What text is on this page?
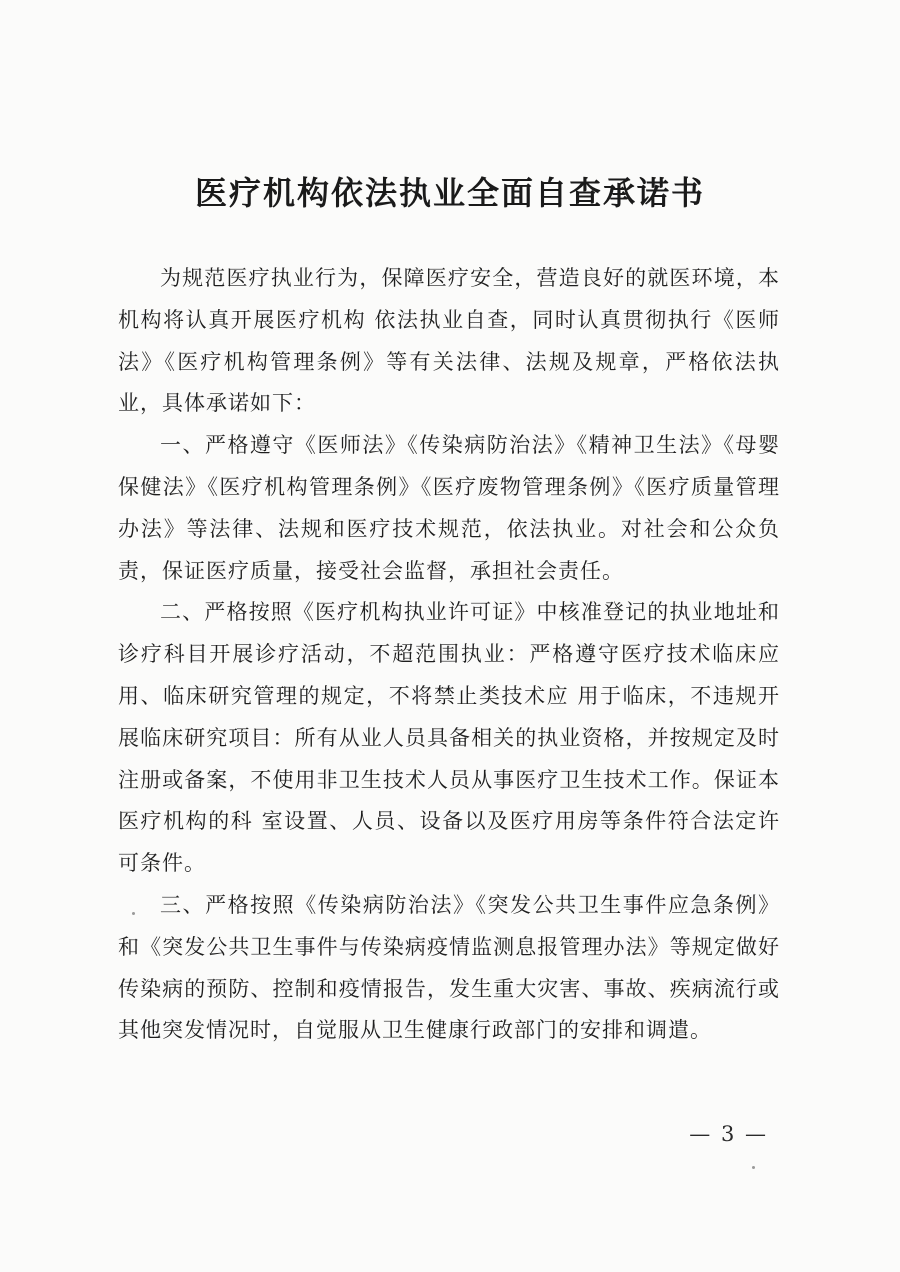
医疗机构依法执业全面自查承诺书

为规范医疗执业行为，保障医疗安全，营造良好的就医环境，本机构将认真开展医疗机构 依法执业自查，同时认真贯彻执行《医师法》《医疗机构管理条例》等有关法律、法规及规章，严格依法执业，具体承诺如下：

一、严格遵守《医师法》《传染病防治法》《精神卫生法》《母婴保健法》《医疗机构管理条例》《医疗废物管理条例》《医疗质量管理办法》等法律、法规和医疗技术规范，依法执业。对社会和公众负责，保证医疗质量，接受社会监督，承担社会责任。

二、严格按照《医疗机构执业许可证》中核准登记的执业地址和诊疗科目开展诊疗活动，不超范围执业：严格遵守医疗技术临床应用、临床研究管理的规定，不将禁止类技术应 用于临床，不违规开展临床研究项目：所有从业人员具备相关的执业资格，并按规定及时注册或备案，不使用非卫生技术人员从事医疗卫生技术工作。保证本医疗机构的科 室设置、人员、设备以及医疗用房等条件符合法定许可条件。

三、严格按照《传染病防治法》《突发公共卫生事件应急条例》和《突发公共卫生事件与传染病疫情监测息报管理办法》等规定做好传染病的预防、控制和疫情报告，发生重大灾害、事故、疾病流行或其他突发情况时，自觉服从卫生健康行政部门的安排和调遣。

— 3 —
